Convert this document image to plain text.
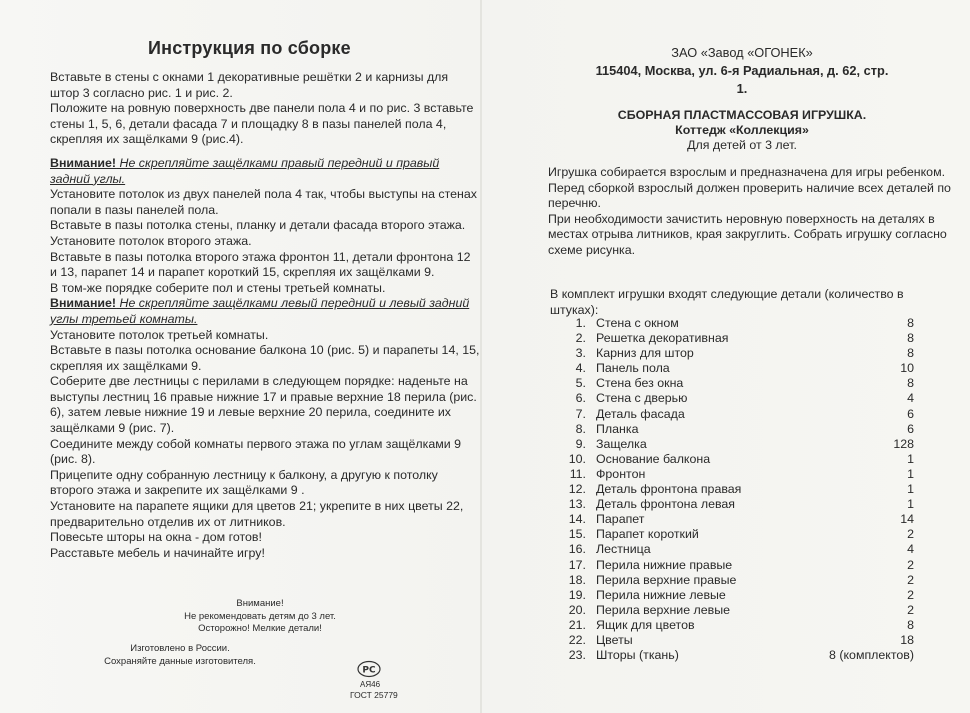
Инструкция по сборке

Вставьте в стены с окнами 1 декоративные решётки 2 и карнизы для штор 3 согласно рис. 1 и рис. 2.

Положите на ровную поверхность две панели пола 4 и по рис. 3 вставьте стены 1, 5, 6, детали фасада 7 и площадку 8 в пазы панелей пола 4, скрепляя их защёлками 9 (рис.4).

Внимание! Не скрепляйте защёлками правый передний и правый задний углы.

Установите потолок из двух панелей пола 4 так, чтобы выступы на стенах попали в пазы панелей пола.

Вставьте в пазы потолка стены, планку и детали фасада второго этажа.

Установите потолок второго этажа.

Вставьте в пазы потолка второго этажа фронтон 11, детали фронтона 12 и 13, парапет 14 и парапет короткий 15, скрепляя их защёлками 9.

В том-же порядке соберите пол и стены третьей комнаты.

Внимание! Не скрепляйте защёлками левый передний и левый задний углы третьей комнаты.

Установите потолок третьей комнаты.

Вставьте в пазы потолка основание балкона 10 (рис. 5) и парапеты 14, 15, скрепляя их защёлками 9.

Соберите две лестницы с перилами в следующем порядке: наденьте на выступы лестниц 16 правые нижние 17 и правые верхние 18 перила (рис. 6), затем левые нижние 19 и левые верхние 20 перила, соедините их защёлками 9 (рис. 7).

Соедините между собой комнаты первого этажа по углам защёлками 9 (рис. 8).

Прицепите одну собранную лестницу к балкону, а другую к потолку второго этажа и закрепите их защёлками 9 .

Установите на парапете ящики для цветов 21; укрепите в них цветы 22, предварительно отделив их от литников.

Повесьте шторы на окна - дом готов!

Расставьте мебель и начинайте игру!

Внимание!

Не рекомендовать детям до 3 лет.

Осторожно! Мелкие детали!

Изготовлено в России.

Сохраняйте данные изготовителя.

PC
АЯ46
ГОСТ 25779
ЗАО «Завод «ОГОНЕК»
115404, Москва, ул. 6-я Радиальная, д. 62, стр. 1.
СБОРНАЯ ПЛАСТМАССОВАЯ ИГРУШКА.
Коттедж «Коллекция»
Для детей от 3 лет.

Игрушка собирается взрослым и предназначена для игры ребенком.

Перед сборкой взрослый должен проверить наличие всех деталей по перечню.

При необходимости зачистить неровную поверхность на деталях в местах отрыва литников, края закруглить. Собрать игрушку согласно схеме рисунка.

В комплект игрушки входят следующие детали (количество в штуках):
1. Стена с окном	8
2. Решетка декоративная	8
3. Карниз для штор	8
4. Панель пола	10
5. Стена без окна	8
6. Стена с дверью	4
7. Деталь фасада	6
8. Планка	6
9. Защелка	128
10. Основание балкона	1
11. Фронтон	1
12. Деталь фронтона правая	1
13. Деталь фронтона левая	1
14. Парапет	14
15. Парапет короткий	2
16. Лестница	4
17. Перила нижние правые	2
18. Перила верхние правые	2
19. Перила нижние левые	2
20. Перила верхние левые	2
21. Ящик для цветов	8
22. Цветы	18
23. Шторы (ткань)	8 (комплектов)
